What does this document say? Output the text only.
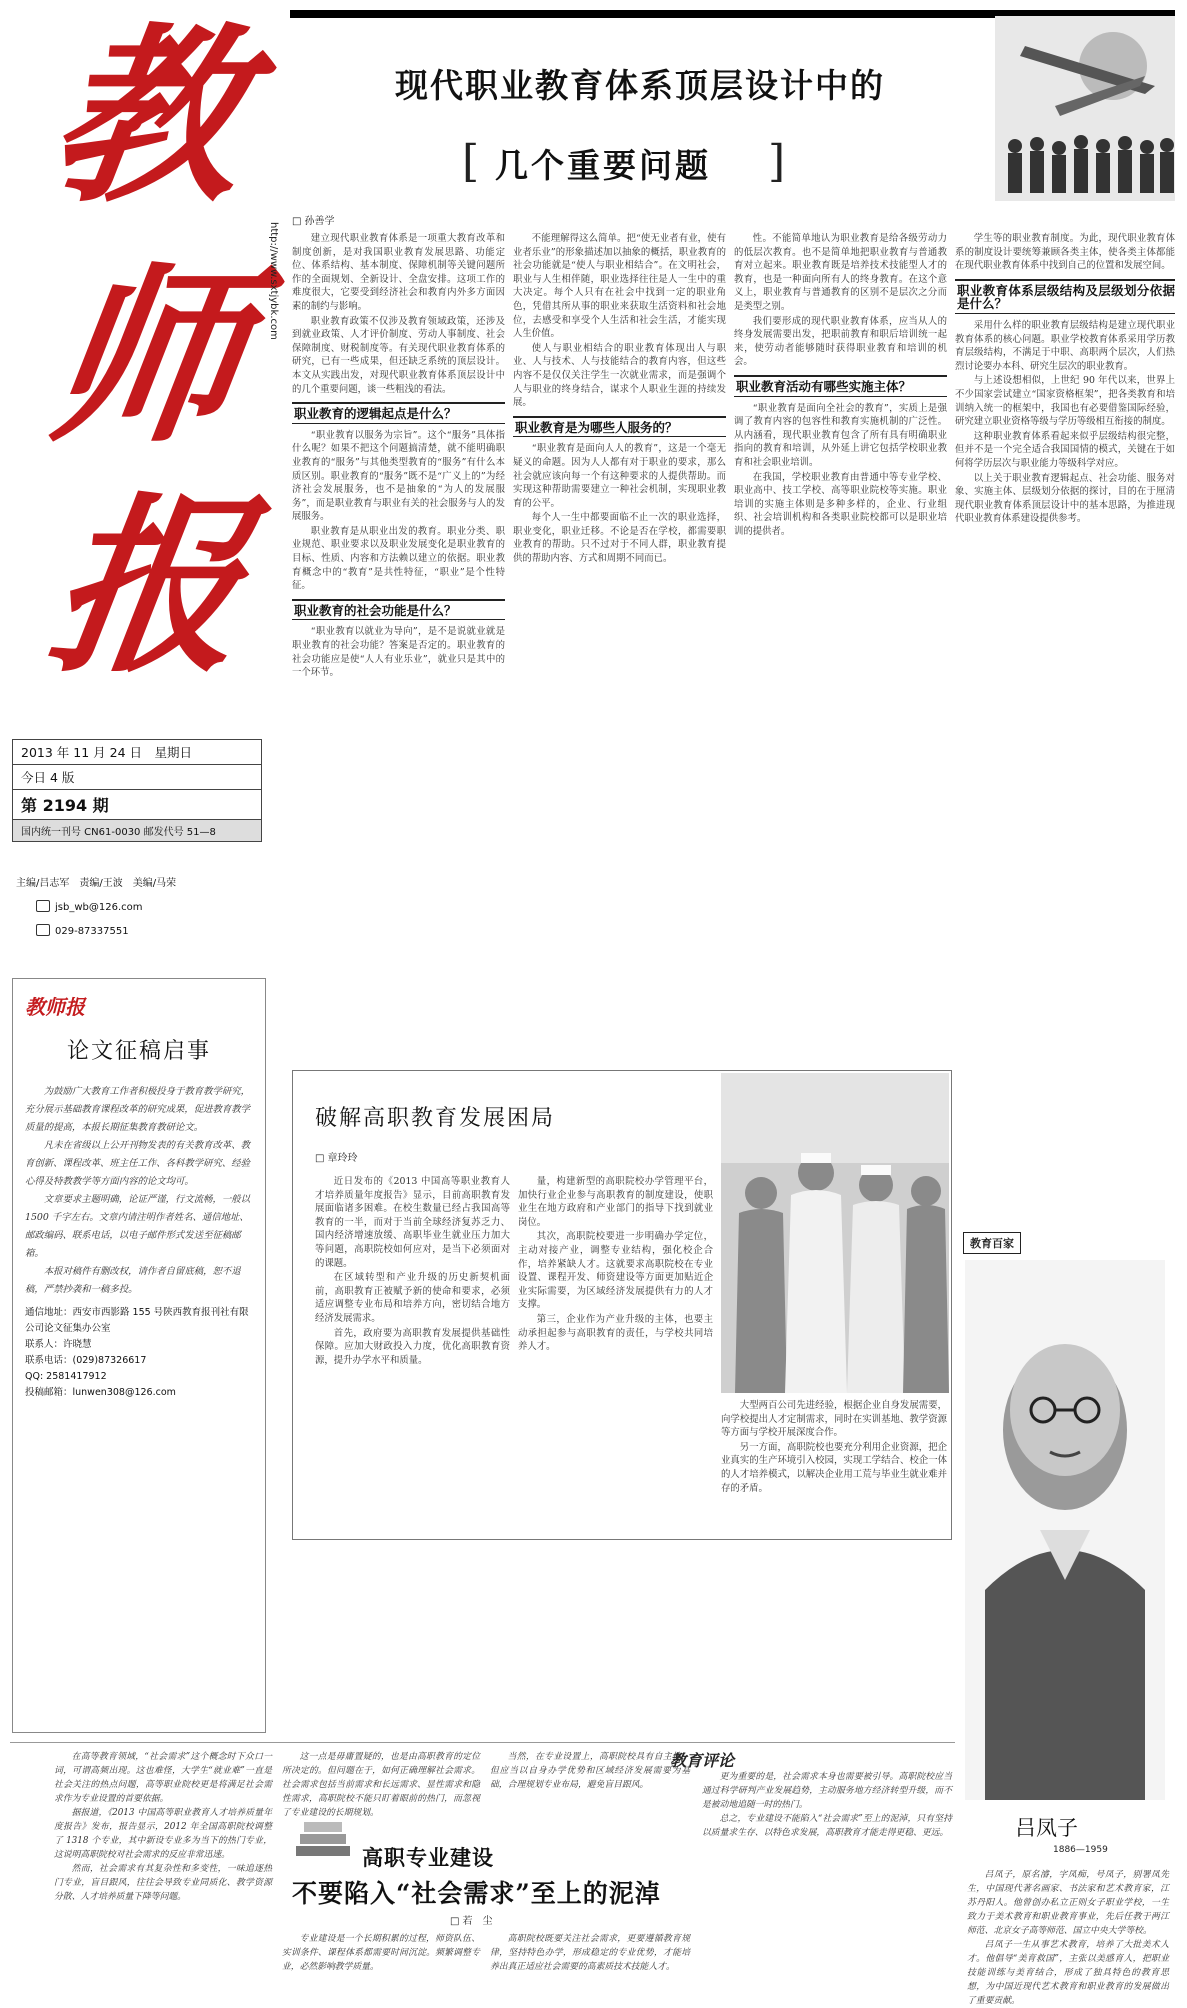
教
师
报
http://www.sxtjybk.com
2013 年 11 月 24 日　星期日
今日 4 版
第 2194 期
国内统一刊号 CN61-0030 邮发代号 51—8
主编/吕志军　责编/王波　美编/马荣
jsb_wb@126.com
029-87337551
教师报
论文征稿启事

为鼓励广大教育工作者积极投身于教育教学研究，充分展示基础教育课程改革的研究成果，促进教育教学质量的提高，本报长期征集教育教研论文。

凡未在省级以上公开刊物发表的有关教育改革、教育创新、课程改革、班主任工作、各科教学研究、经验心得及特教教学等方面内容的论文均可。

文章要求主题明确，论证严谨，行文流畅，一般以 1500 千字左右。文章内请注明作者姓名、通信地址、邮政编码、联系电话，以电子邮件形式发送至征稿邮箱。

本报对稿件有删改权，请作者自留底稿，恕不退稿，严禁抄袭和一稿多投。

通信地址：西安市西影路 155 号陕西教育报刊社有限公司论文征集办公室
联系人：许晓慧
联系电话：(029)87326617
QQ: 2581417912
投稿邮箱：lunwen308@126.com
现代职业教育体系顶层设计中的
[ 几个重要问题 ]
□ 孙善学

建立现代职业教育体系是一项重大教育改革和制度创新，是对我国职业教育发展思路、功能定位、体系结构、基本制度、保障机制等关键问题所作的全面规划、全新设计、全盘安排。这项工作的难度很大，它要受到经济社会和教育内外多方面因素的制约与影响。

职业教育政策不仅涉及教育领域政策，还涉及到就业政策、人才评价制度、劳动人事制度、社会保障制度、财税制度等。有关现代职业教育体系的研究，已有一些成果，但还缺乏系统的顶层设计。本文从实践出发，对现代职业教育体系顶层设计中的几个重要问题，谈一些粗浅的看法。

职业教育的逻辑起点是什么？

“职业教育以服务为宗旨”。这个“服务”具体指什么呢？如果不把这个问题搞清楚，就不能明确职业教育的“服务”与其他类型教育的“服务”有什么本质区别。职业教育的“服务”既不是“广义上的”为经济社会发展服务，也不是抽象的“为人的发展服务”，而是职业教育与职业有关的社会服务与人的发展服务。

职业教育是从职业出发的教育。职业分类、职业规范、职业要求以及职业发展变化是职业教育的目标、性质、内容和方法赖以建立的依据。职业教育概念中的“教育”是共性特征，“职业”是个性特征。

职业教育的社会功能是什么？

“职业教育以就业为导向”，是不是说就业就是职业教育的社会功能？答案是否定的。职业教育的社会功能应是使“人人有业乐业”，就业只是其中的一个环节。

不能理解得这么简单。把“使无业者有业，使有业者乐业”的形象描述加以抽象的概括，职业教育的社会功能就是“使人与职业相结合”。在文明社会，职业与人生相伴随，职业选择往往是人一生中的重大决定。每个人只有在社会中找到一定的职业角色，凭借其所从事的职业来获取生活资料和社会地位，去感受和享受个人生活和社会生活，才能实现人生价值。

使人与职业相结合的职业教育体现出人与职业、人与技术、人与技能结合的教育内容，但这些内容不是仅仅关注学生一次就业需求，而是强调个人与职业的终身结合，谋求个人职业生涯的持续发展。

职业教育是为哪些人服务的？

“职业教育是面向人人的教育”，这是一个毫无疑义的命题。因为人人都有对于职业的要求，那么社会就应该向每一个有这种要求的人提供帮助。而实现这种帮助需要建立一种社会机制，实现职业教育的公平。

每个人一生中都要面临不止一次的职业选择，职业变化，职业迁移。不论是否在学校，都需要职业教育的帮助。只不过对于不同人群，职业教育提供的帮助内容、方式和周期不同而已。

性。不能简单地认为职业教育是给各级劳动力的低层次教育。也不是简单地把职业教育与普通教育对立起来。职业教育既是培养技术技能型人才的教育，也是一种面向所有人的终身教育。在这个意义上，职业教育与普通教育的区别不是层次之分而是类型之别。

我们要形成的现代职业教育体系，应当从人的终身发展需要出发，把职前教育和职后培训统一起来，使劳动者能够随时获得职业教育和培训的机会。

职业教育活动有哪些实施主体？

“职业教育是面向全社会的教育”，实质上是强调了教育内容的包容性和教育实施机制的广泛性。从内涵看，现代职业教育包含了所有具有明确职业指向的教育和培训，从外延上讲它包括学校职业教育和社会职业培训。

在我国，学校职业教育由普通中等专业学校、职业高中、技工学校、高等职业院校等实施。职业培训的实施主体则是多种多样的，企业、行业组织、社会培训机构和各类职业院校都可以是职业培训的提供者。

学生等的职业教育制度。为此，现代职业教育体系的制度设计要统筹兼顾各类主体，使各类主体都能在现代职业教育体系中找到自己的位置和发展空间。

职业教育体系层级结构及层级划分依据是什么？

采用什么样的职业教育层级结构是建立现代职业教育体系的核心问题。职业学校教育体系采用学历教育层级结构，不满足于中职、高职两个层次，人们热烈讨论要办本科、研究生层次的职业教育。

与上述设想相似，上世纪 90 年代以来，世界上不少国家尝试建立“国家资格框架”，把各类教育和培训纳入统一的框架中，我国也有必要借鉴国际经验，研究建立职业资格等级与学历等级相互衔接的制度。

这种职业教育体系看起来似乎层级结构很完整，但并不是一个完全适合我国国情的模式，关键在于如何将学历层次与职业能力等级科学对应。

以上关于职业教育逻辑起点、社会功能、服务对象、实施主体、层级划分依据的探讨，目的在于厘清现代职业教育体系顶层设计中的基本思路，为推进现代职业教育体系建设提供参考。

破解高职教育发展困局
□ 章玲玲

近日发布的《2013 中国高等职业教育人才培养质量年度报告》显示，目前高职教育发展面临诸多困难。在校生数量已经占我国高等教育的一半，而对于当前全球经济复苏乏力、国内经济增速放缓、高职毕业生就业压力加大等问题，高职院校如何应对，是当下必须面对的课题。

在区域转型和产业升级的历史新契机面前，高职教育正被赋予新的使命和要求，必须适应调整专业布局和培养方向，密切结合地方经济发展需求。

首先，政府要为高职教育发展提供基础性保障。应加大财政投入力度，优化高职教育资源，提升办学水平和质量。

量，构建新型的高职院校办学管理平台，加快行业企业参与高职教育的制度建设，使职业生在地方政府和产业部门的指导下找到就业岗位。

其次，高职院校要进一步明确办学定位，主动对接产业，调整专业结构，强化校企合作，培养紧缺人才。这就要求高职院校在专业设置、课程开发、师资建设等方面更加贴近企业实际需要，为区域经济发展提供有力的人才支撑。

第三，企业作为产业升级的主体，也要主动承担起参与高职教育的责任，与学校共同培养人才。

大型两百公司先进经验，根据企业自身发展需要，向学校提出人才定制需求，同时在实训基地、教学资源等方面与学校开展深度合作。

另一方面，高职院校也要充分利用企业资源，把企业真实的生产环境引入校园，实现工学结合、校企一体的人才培养模式，以解决企业用工荒与毕业生就业难并存的矛盾。

教育百家
吕凤子
1886—1959

吕凤子，原名濬，字凤痴，号凤子，别署凤先生，中国现代著名画家、书法家和艺术教育家，江苏丹阳人。他曾创办私立正则女子职业学校，一生致力于美术教育和职业教育事业，先后任教于两江师范、北京女子高等师范、国立中央大学等校。

吕凤子一生从事艺术教育，培养了大批美术人才。他倡导“美育救国”，主张以美感育人，把职业技能训练与美育结合，形成了独具特色的教育思想，为中国近现代艺术教育和职业教育的发展做出了重要贡献。

教育评论
高职专业建设
不要陷入“社会需求”至上的泥淖
□ 若　尘

在高等教育领域，“社会需求”这个概念时下众口一词，可谓高频出现。这也难怪，大学生“就业难”一直是社会关注的热点问题，高等职业院校更是将满足社会需求作为专业设置的首要依据。

据报道，《2013 中国高等职业教育人才培养质量年度报告》发布，报告显示，2012 年全国高职院校调整了 1318 个专业，其中新设专业多为当下的热门专业，这说明高职院校对社会需求的反应非常迅速。

然而，社会需求有其复杂性和多变性，一味追逐热门专业，盲目跟风，往往会导致专业同质化、教学资源分散、人才培养质量下降等问题。

这一点是毋庸置疑的，也是由高职教育的定位所决定的。但问题在于，如何正确理解社会需求。社会需求包括当前需求和长远需求、显性需求和隐性需求，高职院校不能只盯着眼前的热门，而忽视了专业建设的长期规划。

专业建设是一个长期积累的过程，师资队伍、实训条件、课程体系都需要时间沉淀。频繁调整专业，必然影响教学质量。

当然，在专业设置上，高职院校具有自主性，但应当以自身办学优势和区域经济发展需要为基础，合理规划专业布局，避免盲目跟风。

高职院校既要关注社会需求，更要遵循教育规律，坚持特色办学，形成稳定的专业优势，才能培养出真正适应社会需要的高素质技术技能人才。

更为重要的是，社会需求本身也需要被引导。高职院校应当通过科学研判产业发展趋势，主动服务地方经济转型升级，而不是被动地追随一时的热门。

总之，专业建设不能陷入“社会需求”至上的泥淖，只有坚持以质量求生存、以特色求发展，高职教育才能走得更稳、更远。
